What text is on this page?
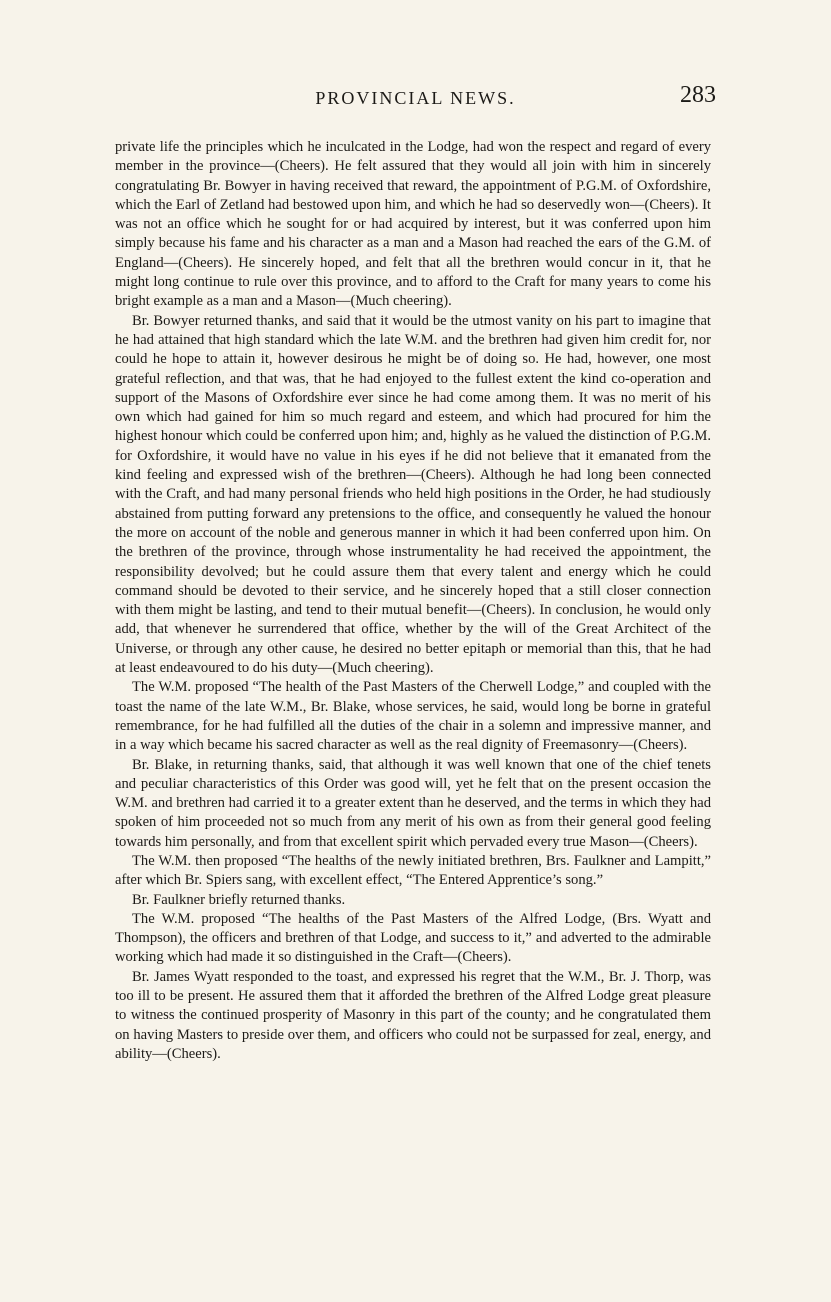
PROVINCIAL NEWS.	283

private life the principles which he inculcated in the Lodge, had won the respect and regard of every member in the province—(Cheers). He felt assured that they would all join with him in sincerely congratulating Br. Bowyer in having received that reward, the appointment of P.G.M. of Oxfordshire, which the Earl of Zetland had bestowed upon him, and which he had so deservedly won—(Cheers). It was not an office which he sought for or had acquired by interest, but it was conferred upon him simply because his fame and his character as a man and a Mason had reached the ears of the G.M. of England—(Cheers). He sincerely hoped, and felt that all the brethren would concur in it, that he might long continue to rule over this province, and to afford to the Craft for many years to come his bright example as a man and a Mason—(Much cheering).

Br. Bowyer returned thanks, and said that it would be the utmost vanity on his part to imagine that he had attained that high standard which the late W.M. and the brethren had given him credit for, nor could he hope to attain it, however desirous he might be of doing so. He had, however, one most grateful reflection, and that was, that he had enjoyed to the fullest extent the kind co-operation and support of the Masons of Oxfordshire ever since he had come among them. It was no merit of his own which had gained for him so much regard and esteem, and which had procured for him the highest honour which could be conferred upon him; and, highly as he valued the distinction of P.G.M. for Oxfordshire, it would have no value in his eyes if he did not believe that it emanated from the kind feeling and expressed wish of the brethren—(Cheers). Although he had long been connected with the Craft, and had many personal friends who held high positions in the Order, he had studiously abstained from putting forward any pretensions to the office, and consequently he valued the honour the more on account of the noble and generous manner in which it had been conferred upon him. On the brethren of the province, through whose instrumentality he had received the appointment, the responsibility devolved; but he could assure them that every talent and energy which he could command should be devoted to their service, and he sincerely hoped that a still closer connection with them might be lasting, and tend to their mutual benefit—(Cheers). In conclusion, he would only add, that whenever he surrendered that office, whether by the will of the Great Architect of the Universe, or through any other cause, he desired no better epitaph or memorial than this, that he had at least endeavoured to do his duty—(Much cheering).

The W.M. proposed “The health of the Past Masters of the Cherwell Lodge,” and coupled with the toast the name of the late W.M., Br. Blake, whose services, he said, would long be borne in grateful remembrance, for he had fulfilled all the duties of the chair in a solemn and impressive manner, and in a way which became his sacred character as well as the real dignity of Freemasonry—(Cheers).

Br. Blake, in returning thanks, said, that although it was well known that one of the chief tenets and peculiar characteristics of this Order was good will, yet he felt that on the present occasion the W.M. and brethren had carried it to a greater extent than he deserved, and the terms in which they had spoken of him proceeded not so much from any merit of his own as from their general good feeling towards him personally, and from that excellent spirit which pervaded every true Mason—(Cheers).

The W.M. then proposed “The healths of the newly initiated brethren, Brs. Faulkner and Lampitt,” after which Br. Spiers sang, with excellent effect, “The Entered Apprentice’s song.”

Br. Faulkner briefly returned thanks.

The W.M. proposed “The healths of the Past Masters of the Alfred Lodge, (Brs. Wyatt and Thompson), the officers and brethren of that Lodge, and success to it,” and adverted to the admirable working which had made it so distinguished in the Craft—(Cheers).

Br. James Wyatt responded to the toast, and expressed his regret that the W.M., Br. J. Thorp, was too ill to be present. He assured them that it afforded the brethren of the Alfred Lodge great pleasure to witness the continued prosperity of Masonry in this part of the county; and he congratulated them on having Masters to preside over them, and officers who could not be surpassed for zeal, energy, and ability—(Cheers).
